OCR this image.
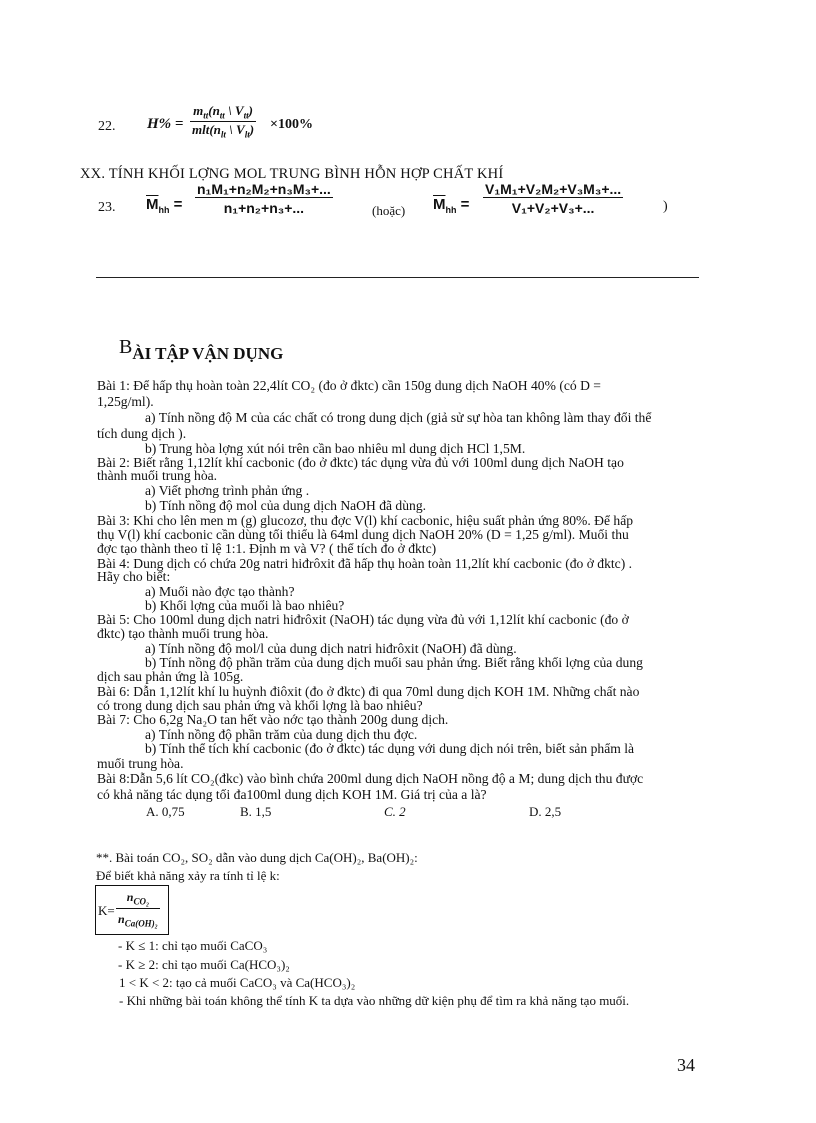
22. H% =
$m_{tt}(n_{tt}$ \ $V_{tt}$)
$mlt(n_{lt}$ \ $V_{lt}) \times 100\%$
XX. TÍNH KHỐI LỢNG MOL TRUNG BÌNH HỖN HỢP CHẤT KHÍ
23. $\overline{M}_{hh} = \frac{\text{n₁M₁+n₂M₂+n₃M₃+...}}{\text{n₁+n₂+n₃+...}}$	(hoặc) $\overline{M}_{hh} = \frac{\text{V₁M₁+V₂M₂+V₃M₃+...}}{\text{V₁+V₂+V₃+...}}$	)
BÀI TẬP VẬN DỤNG

Bài 1: Để hấp thụ hoàn toàn 22,4lít CO₂ (đo ở đktc) cần 150g dung dịch NaOH 40% (có D =

1,25g/ml).

a) Tính nồng độ M của các chất có trong dung dịch (giả sử sự hòa tan không làm thay đổi thể

tích dung dịch ).

b) Trung hòa lợng xút nói trên cần bao nhiêu ml dung dịch HCl 1,5M.

Bài 2: Biết rằng 1,12lít khí cacbonic (đo ở đktc) tác dụng vừa đủ với 100ml dung dịch NaOH tạo

thành muối trung hòa.

a) Viết phơng trình phản ứng .

b) Tính nồng độ mol của dung dịch NaOH đã dùng.

Bài 3: Khi cho lên men m (g) glucozơ, thu đợc V(l) khí cacbonic, hiệu suất phản ứng 80%. Để hấp

thụ V(l) khí cacbonic cần dùng tối thiểu là 64ml dung dịch NaOH 20% (D = 1,25 g/ml). Muối thu

đợc tạo thành theo tỉ lệ 1:1. Định m và V? ( thể tích đo ở đktc)

Bài 4: Dung dịch có chứa 20g natri hiđrôxit đã hấp thụ hoàn toàn 11,2lít khí cacbonic (đo ở đktc) .

Hãy cho biết:

a) Muối nào đợc tạo thành?

b) Khối lợng của muối là bao nhiêu?

Bài 5: Cho 100ml dung dịch natri hiđrôxit (NaOH) tác dụng vừa đủ với 1,12lít khí cacbonic (đo ở

đktc) tạo thành muối trung hòa.

a) Tính nồng độ mol/l của dung dịch natri hiđrôxit (NaOH) đã dùng.

b) Tính nồng độ phần trăm của dung dịch muối sau phản ứng. Biết rằng khối lợng của dung

dịch sau phản ứng là 105g.

Bài 6: Dẫn 1,12lít khí lu huỳnh điôxit (đo ở đktc) đi qua 70ml dung dịch KOH 1M. Những chất nào

có trong dung dịch sau phản ứng và khối lợng là bao nhiêu?

Bài 7: Cho 6,2g Na₂O tan hết vào nớc tạo thành 200g dung dịch.

a) Tính nồng độ phần trăm của dung dịch thu đợc.

b) Tính thể tích khí cacbonic (đo ở đktc) tác dụng với dung dịch nói trên, biết sản phẩm là

muối trung hòa.

Bài 8:Dẫn 5,6 lít CO₂(đkc) vào bình chứa 200ml dung dịch NaOH nồng độ a M; dung dịch thu được

có khả năng tác dụng tối đa100ml dung dịch KOH 1M. Giá trị của a là?

A. 0,75	B. 1,5	C. 2	D. 2,5
**. Bài toán CO₂, SO₂ dẫn vào dung dịch Ca(OH)₂, Ba(OH)₂:
Để biết khả năng xảy ra tính tỉ lệ k:
K=
$n_{CO_2}$
$n_{Ca(OH)_2}$
- K ≤ 1: chỉ tạo muối CaCO₃
- K ≥ 2: chỉ tạo muối Ca(HCO₃)₂
1 < K < 2: tạo cả muối CaCO₃ và Ca(HCO₃)₂
- Khi những bài toán không thể tính K ta dựa vào những dữ kiện phụ để tìm ra khả năng tạo muối.
34
